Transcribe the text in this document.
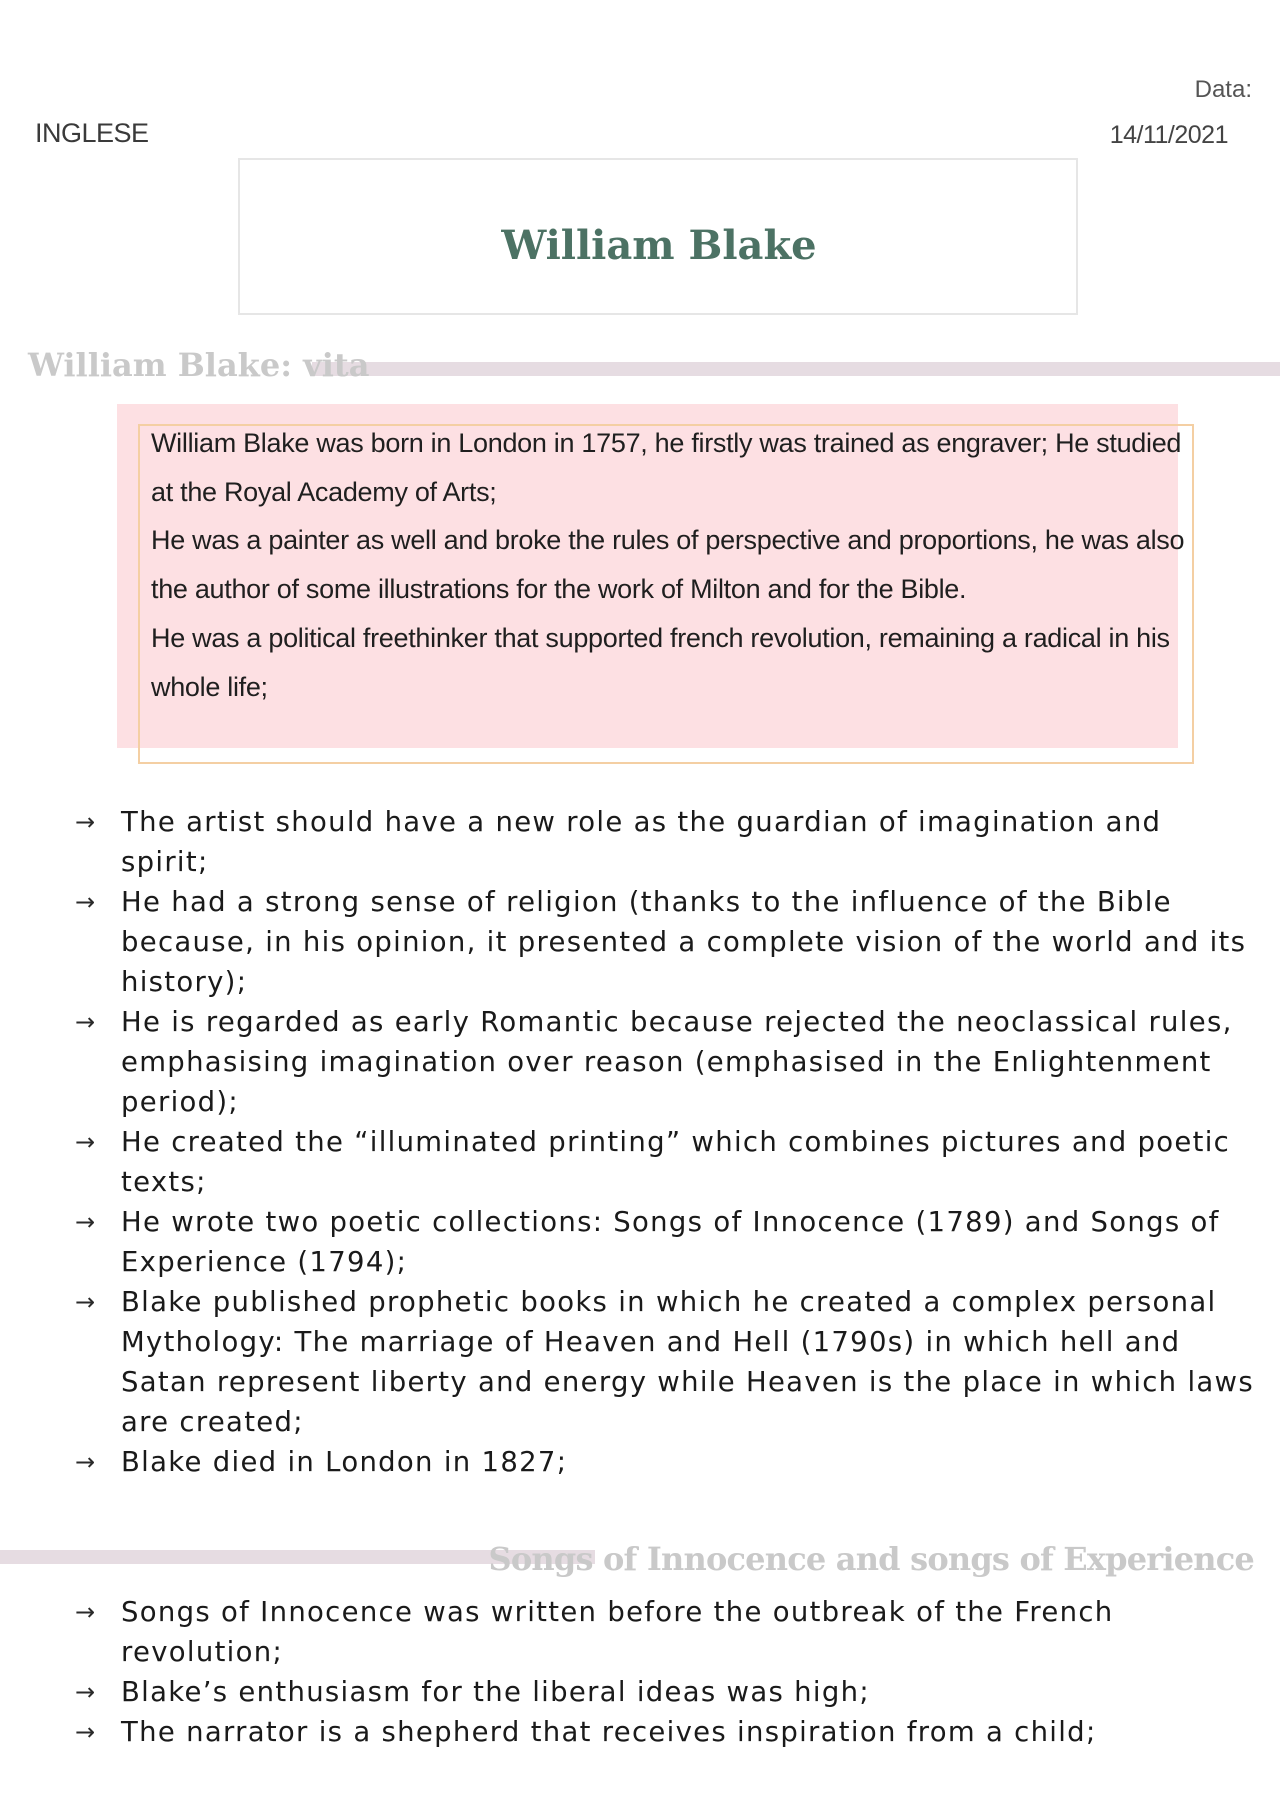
INGLESE
Data:
14/11/2021
William Blake
William Blake: vita

William Blake was born in London in 1757, he firstly was trained as engraver; He studied at the Royal Academy of Arts;

He was a painter as well and broke the rules of perspective and proportions, he was also the author of some illustrations for the work of Milton and for the Bible.

He was a political freethinker that supported french revolution, remaining a radical in his whole life;

→ The artist should have a new role as the guardian of imagination and spirit;
→ He had a strong sense of religion (thanks to the influence of the Bible because, in his opinion, it presented a complete vision of the world and its history);
→ He is regarded as early Romantic because rejected the neoclassical rules, emphasising imagination over reason (emphasised in the Enlightenment period);
→ He created the “illuminated printing” which combines pictures and poetic texts;
→ He wrote two poetic collections: Songs of Innocence (1789) and Songs of Experience (1794);
→ Blake published prophetic books in which he created a complex personal Mythology: The marriage of Heaven and Hell (1790s) in which hell and Satan represent liberty and energy while Heaven is the place in which laws are created;
→ Blake died in London in 1827;
Songs of Innocence and songs of Experience
→ Songs of Innocence was written before the outbreak of the French revolution;
→ Blake’s enthusiasm for the liberal ideas was high;
→ The narrator is a shepherd that receives inspiration from a child;
